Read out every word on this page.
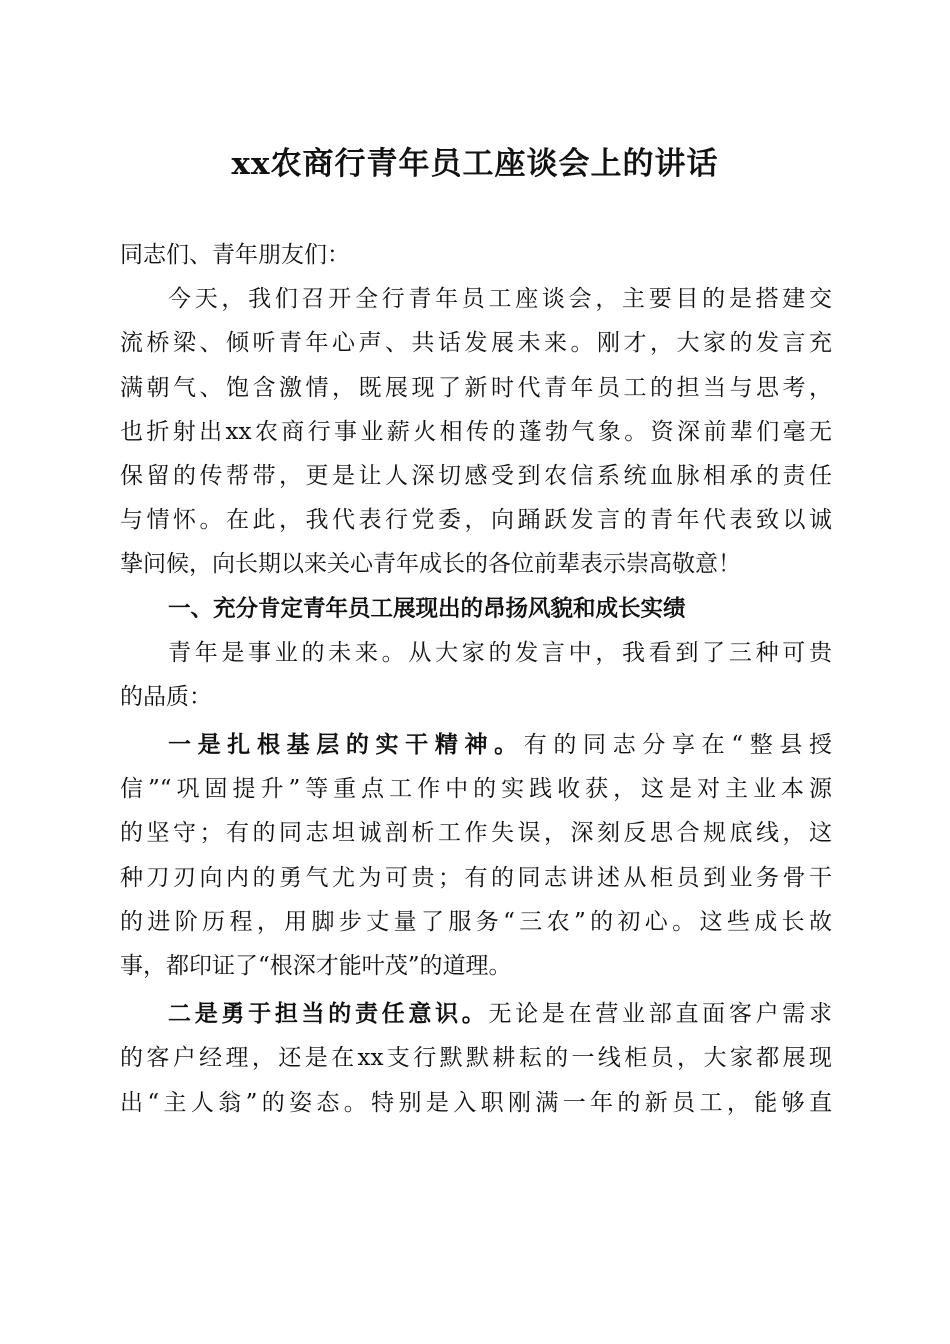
xx农商行青年员工座谈会上的讲话
同志们、青年朋友们：
今天，我们召开全行青年员工座谈会，主要目的是搭建交
流桥梁、倾听青年心声、共话发展未来。刚才，大家的发言充
满朝气、饱含激情，既展现了新时代青年员工的担当与思考，
也折射出xx农商行事业薪火相传的蓬勃气象。资深前辈们毫无
保留的传帮带，更是让人深切感受到农信系统血脉相承的责任
与情怀。在此，我代表行党委，向踊跃发言的青年代表致以诚
挚问候，向长期以来关心青年成长的各位前辈表示崇高敬意！
一、充分肯定青年员工展现出的昂扬风貌和成长实绩
青年是事业的未来。从大家的发言中，我看到了三种可贵
的品质：
一是扎根基层的实干精神。有的同志分享在“整县授
信”“巩固提升”等重点工作中的实践收获，这是对主业本源
的坚守；有的同志坦诚剖析工作失误，深刻反思合规底线，这
种刀刃向内的勇气尤为可贵；有的同志讲述从柜员到业务骨干
的进阶历程，用脚步丈量了服务“三农”的初心。这些成长故
事，都印证了“根深才能叶茂”的道理。
二是勇于担当的责任意识。无论是在营业部直面客户需求
的客户经理，还是在xx支行默默耕耘的一线柜员，大家都展现
出“主人翁”的姿态。特别是入职刚满一年的新员工，能够直
